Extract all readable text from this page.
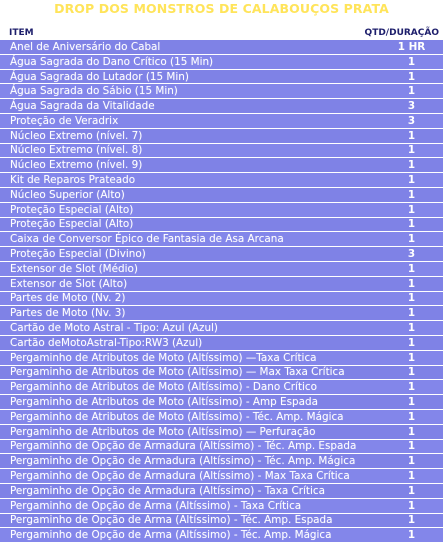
DROP DOS MONSTROS DE CALABOUÇOS PRATA
ITEM	QTD/DURAÇÃO
Anel de Aniversário do Cabal	1 HR
Água Sagrada do Dano Crítico (15 Min)	1
Água Sagrada do Lutador (15 Min)	1
Água Sagrada do Sábio (15 Min)	1
Água Sagrada da Vitalidade	3
Proteção de Veradrix	3
Núcleo Extremo (nível. 7)	1
Núcleo Extremo (nível. 8)	1
Núcleo Extremo (nível. 9)	1
Kit de Reparos Prateado	1
Núcleo Superior (Alto)	1
Proteção Especial (Alto)	1
Proteção Especial (Alto)	1
Caixa de Conversor Épico de Fantasia de Asa Arcana	1
Proteção Especial (Divino)	3
Extensor de Slot (Médio)	1
Extensor de Slot (Alto)	1
Partes de Moto (Nv. 2)	1
Partes de Moto (Nv. 3)	1
Cartão de Moto Astral - Tipo: Azul (Azul)	1
Cartão deMotoAstral-Tipo:RW3 (Azul)	1
Pergaminho de Atributos de Moto (Altíssimo) —Taxa Crítica	1
Pergaminho de Atributos de Moto (Altíssimo) — Max Taxa Crítica	1
Pergaminho de Atributos de Moto (Altíssimo) - Dano Crítico	1
Pergaminho de Atributos de Moto (Altíssimo) - Amp Espada	1
Pergaminho de Atributos de Moto (Altíssimo) - Téc. Amp. Mágica	1
Pergaminho de Atributos de Moto (Altíssimo) — Perfuração	1
Pergaminho de Opção de Armadura (Altíssimo) - Téc. Amp. Espada	1
Pergaminho de Opção de Armadura (Altíssimo) - Téc. Amp. Mágica	1
Pergaminho de Opção de Armadura (Altíssimo) - Max Taxa Crítica	1
Pergaminho de Opção de Armadura (Altíssimo) - Taxa Crítica	1
Pergaminho de Opção de Arma (Altíssimo) - Taxa Crítica	1
Pergaminho de Opção de Arma (Altíssimo) - Téc. Amp. Espada	1
Pergaminho de Opção de Arma (Altíssimo) - Téc. Amp. Mágica	1
